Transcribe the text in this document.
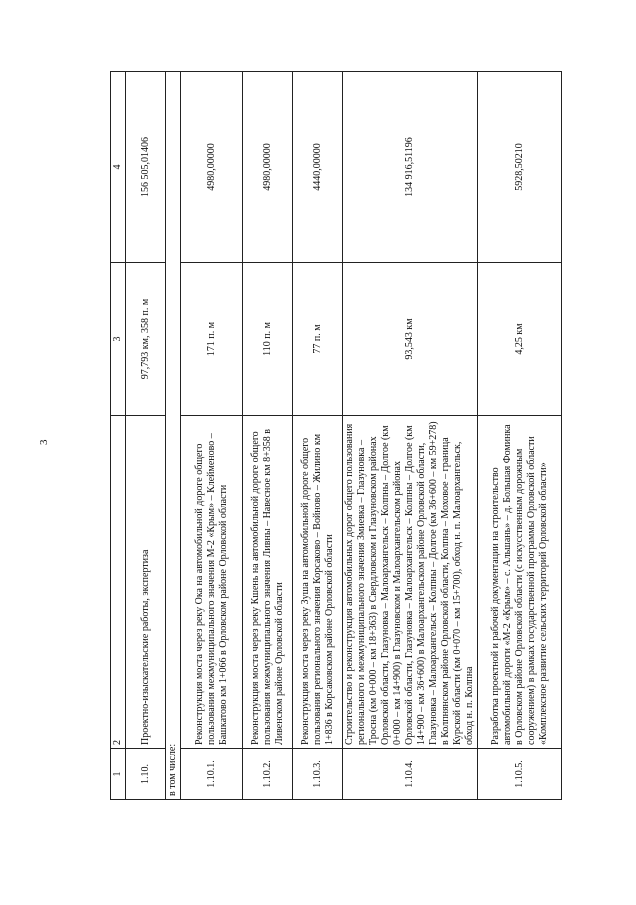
3
1	2	3	4
1.10.	Проектно-изыскательские работы, экспертиза	97,793 км, 358 п. м	156 505,01406
в том числе:			
1.10.1.	Реконструкция моста через реку Ока на автомобильной дороге общего пользования межмуниципального значения М-2 «Крым» – Клейменово – Башкатово км 1+066 в Орловском районе Орловской области	171 п. м	4980,00000
1.10.2.	Реконструкция моста через реку Кшень на автомобильной дороге общего пользования межмуниципального значения Ливны – Навесное км 8+358 в Ливенском районе Орловской области	110 п. м	4980,00000
1.10.3.	Реконструкция моста через реку Зуша на автомобильной дороге общего пользования регионального значения Корсаково – Войново – Жилино км 1+836 в Корсаковском районе Орловской области	77 п. м	4440,00000
1.10.4.	Строительство и реконструкция автомобильных дорог общего пользования регионального и межмуниципального значения Змиевка – Глазуновка – Тросна (км 0+000 – км 18+363) в Свердловском и Глазуновском районах Орловской области, Глазуновка – Малоархангельск – Колпны – Долгое (км 0+000 – км 14+900) в Глазуновском и Малоархангельском районах Орловской области, Глазуновка – Малоархангельск – Колпны – Долгое (км 14+900 – км 36+600) в Малоархангельском районе Орловской области, Глазуновка – Малоархангельск – Колпны – Долгое (км 36+600 – км 59+278) в Колпнянском районе Орловской области, Колпна – Моховое – граница Курской области (км 0+070 – км 15+700), обход н. п. Малоархангельск, обход н. п. Колпна	93,543 км	134 916,51196
1.10.5.	Разработка проектной и рабочей документации на строительство автомобильной дороги «М-2 «Крым» – с. Альшань» – д. Большая Фоминка в Орловском районе Орловской области (с искусственным дорожным сооружением) в рамках государственной программы Орловской области «Комплексное развитие сельских территорий Орловской области»	4,25 км	5928,50210
